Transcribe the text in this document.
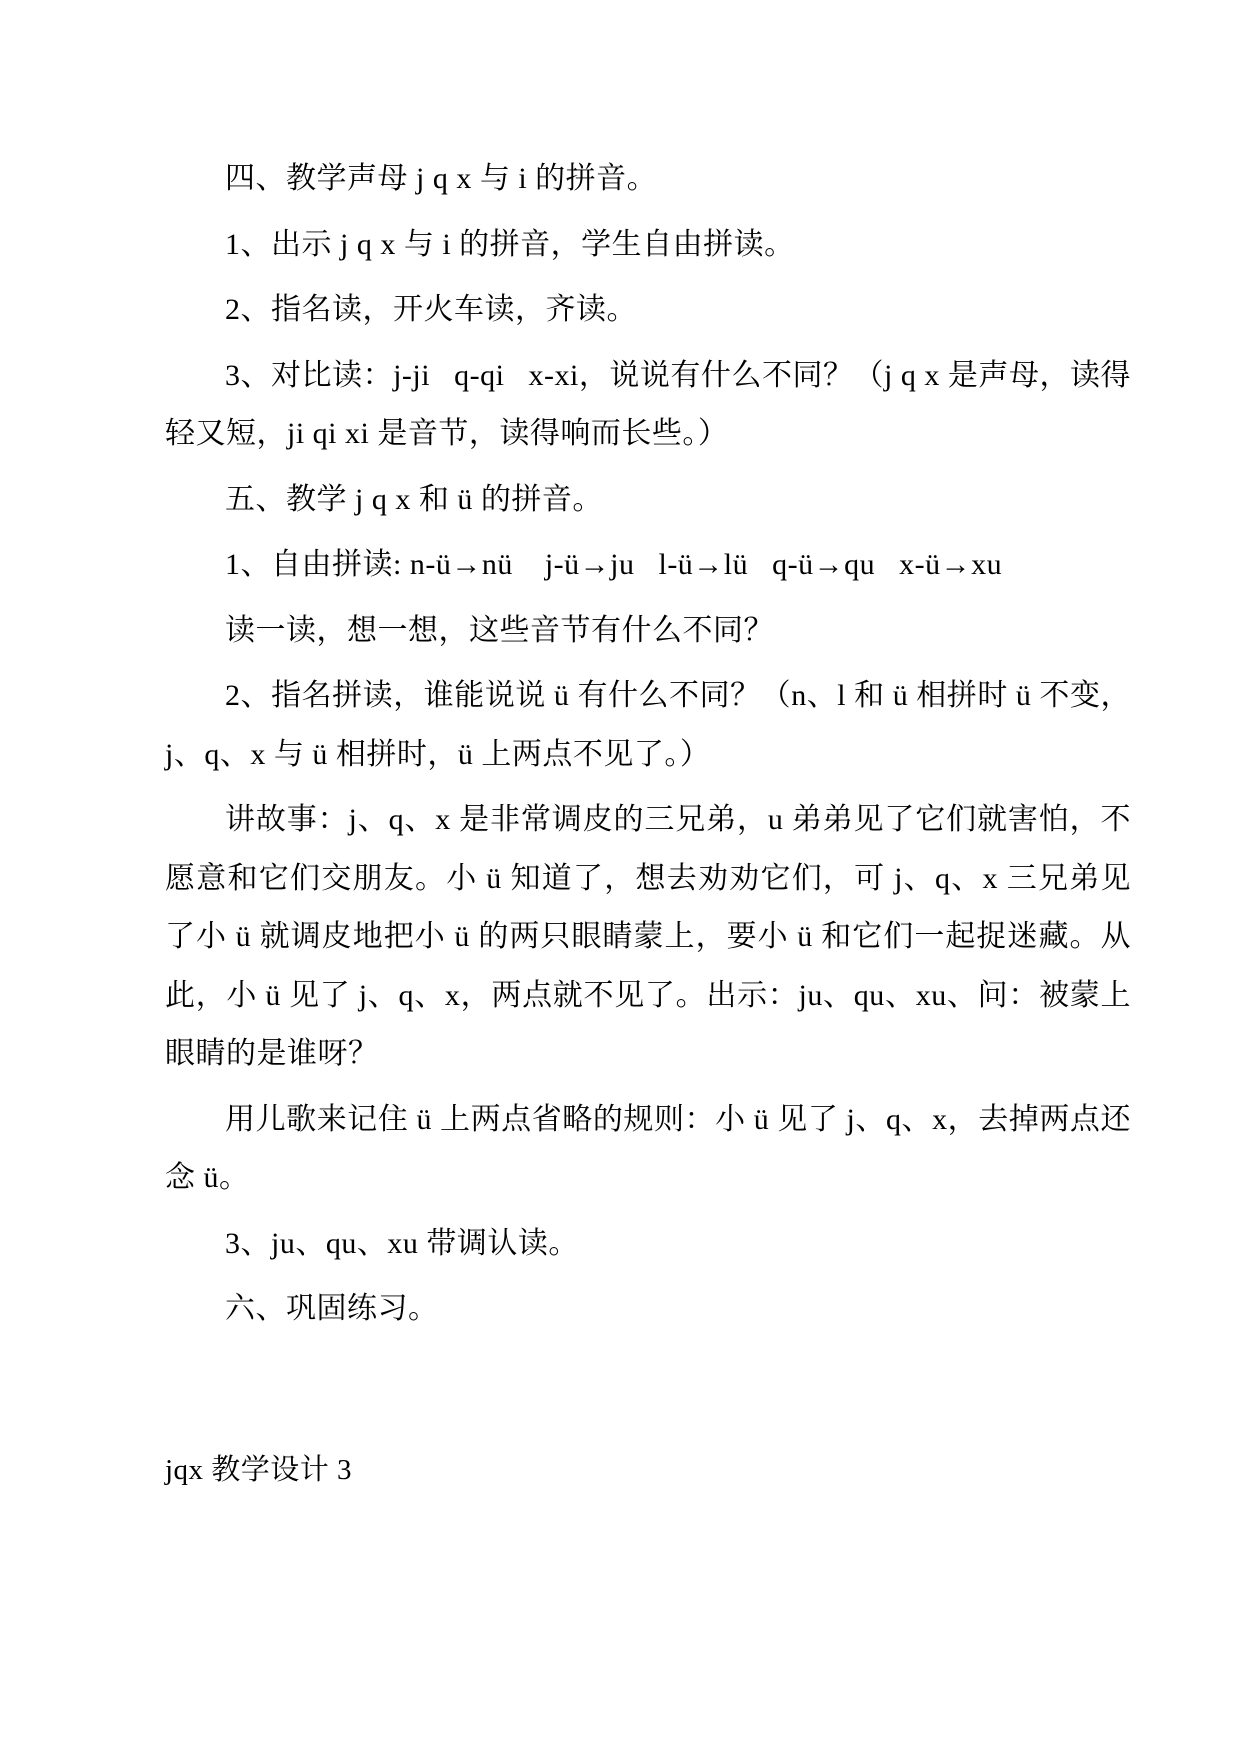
四、教学声母 j q x 与 i 的拼音。

1、出示 j q x 与 i 的拼音，学生自由拼读。

2、指名读，开火车读，齐读。

3、对比读：j-ji   q-qi   x-xi，说说有什么不同？（j q x 是声母，读得轻又短，ji qi xi 是音节，读得响而长些。）

五、教学 j q x 和 ü 的拼音。

1、自由拼读: n-ü→nü    j-ü→ju   l-ü→lü   q-ü→qu   x-ü→xu

读一读，想一想，这些音节有什么不同？

2、指名拼读，谁能说说 ü 有什么不同？（n、l 和 ü 相拼时 ü 不变，j、q、x 与 ü 相拼时，ü 上两点不见了。）

讲故事：j、q、x 是非常调皮的三兄弟，u 弟弟见了它们就害怕，不愿意和它们交朋友。小 ü 知道了，想去劝劝它们，可 j、q、x 三兄弟见了小 ü 就调皮地把小 ü 的两只眼睛蒙上，要小 ü 和它们一起捉迷藏。从此，小 ü 见了 j、q、x，两点就不见了。出示：ju、qu、xu、问：被蒙上眼睛的是谁呀？

用儿歌来记住 ü 上两点省略的规则：小 ü 见了 j、q、x，去掉两点还念 ü。

3、ju、qu、xu 带调认读。

六、巩固练习。

jqx 教学设计 3
